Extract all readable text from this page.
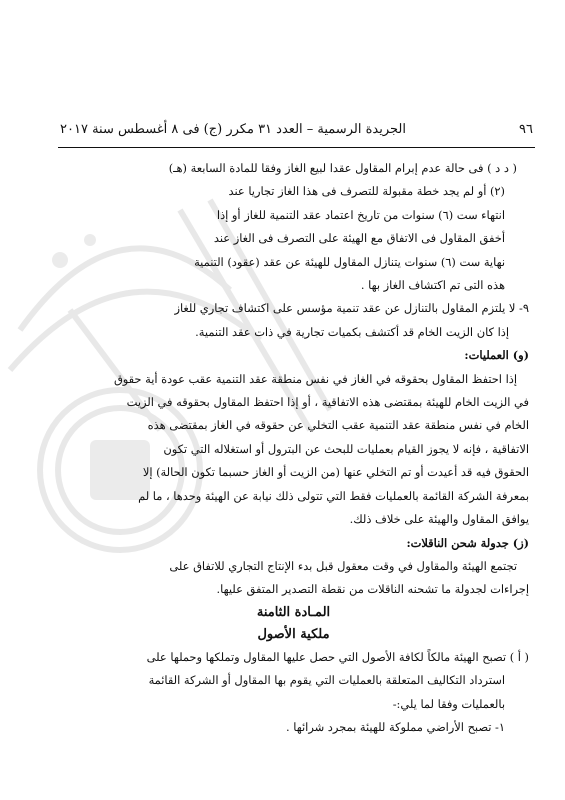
٩٦
الجريدة الرسمية – العدد ٣١ مكرر (ج) فى ٨ أغسطس سنة ٢٠١٧

( د د ) فى حالة عدم إبرام المقاول عقدا لبيع الغاز وفقا للمادة السابعة (هـ)

(٢) أو لم يجد خطة مقبولة للتصرف فى هذا الغاز تجاريا عند

انتهاء ست (٦) سنوات من تاريخ اعتماد عقد التنمية للغاز أو إذا

أخفق المقاول فى الاتفاق مع الهيئة على التصرف فى الغاز عند

نهاية ست (٦) سنوات يتنازل المقاول للهيئة عن عقد (عقود) التنمية

هذه التى تم اكتشاف الغاز بها .

٩- لا يلتزم المقاول بالتنازل عن عقد تنمية مؤسس على اكتشاف تجاري للغاز

إذا كان الزيت الخام قد أكتشف بكميات تجارية في ذات عقد التنمية.

(و) العمليات:

إذا احتفظ المقاول بحقوقه في الغاز في نفس منطقة عقد التنمية عقب عودة أية حقوق

في الزيت الخام للهيئة بمقتضى هذه الاتفاقية ، أو إذا احتفظ المقاول بحقوقه في الزيت

الخام في نفس منطقة عقد التنمية عقب التخلي عن حقوقه في الغاز بمقتضى هذه

الاتفاقية ، فإنه لا يجوز القيام بعمليات للبحث عن البترول أو استغلاله التي تكون

الحقوق فيه قد أعيدت أو تم التخلي عنها (من الزيت أو الغاز حسبما تكون الحالة) إلا

بمعرفة الشركة القائمة بالعمليات فقط التي تتولى ذلك نيابة عن الهيئة وحدها ، ما لم

يوافق المقاول والهيئة على خلاف ذلك.

(ز) جدولة شحن الناقلات:

تجتمع الهيئة والمقاول في وقت معقول قبل بدء الإنتاج التجاري للاتفاق على

إجراءات لجدولة ما تشحنه الناقلات من نقطة التصدير المتفق عليها.

المـادة الثامنة

ملكية الأصول

( أ ) تصبح الهيئة مالكاً لكافة الأصول التي حصل عليها المقاول وتملكها وحملها على

استرداد التكاليف المتعلقة بالعمليات التي يقوم بها المقاول أو الشركة القائمة

بالعمليات وفقا لما يلي:-

١- تصبح الأراضي مملوكة للهيئة بمجرد شرائها .
